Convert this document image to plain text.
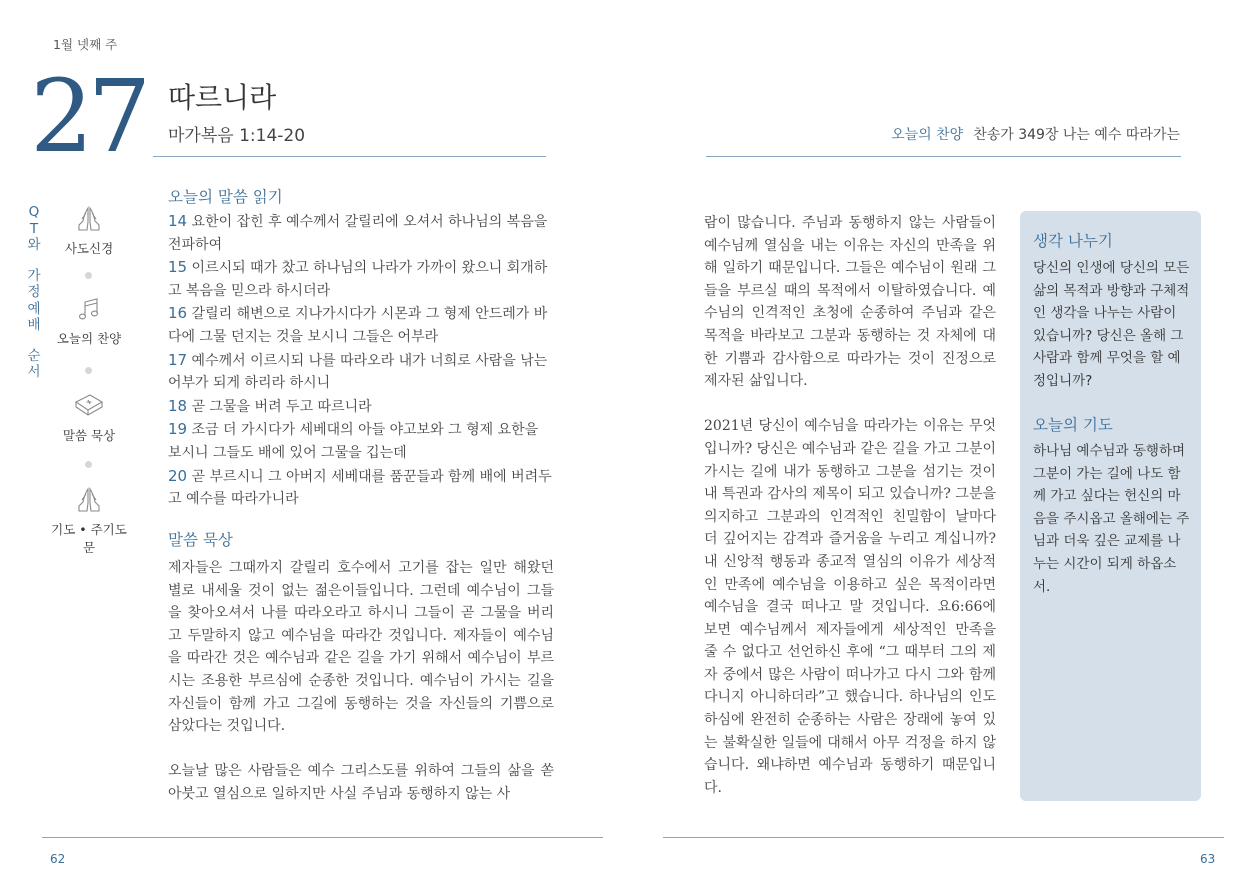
1월 넷째 주
27 따르니라
마가복음 1:14-20	오늘의 찬양 찬송가 349장 나는 예수 따라가는
Q
T
와
가
정
예
배
순
서
사도신경
오늘의 찬양
말씀 묵상
기도 • 주기도문
오늘의 말씀 읽기

14 요한이 잡힌 후 예수께서 갈릴리에 오셔서 하나님의 복음을 전파하여

15 이르시되 때가 찼고 하나님의 나라가 가까이 왔으니 회개하고 복음을 믿으라 하시더라

16 갈릴리 해변으로 지나가시다가 시몬과 그 형제 안드레가 바다에 그물 던지는 것을 보시니 그들은 어부라

17 예수께서 이르시되 나를 따라오라 내가 너희로 사람을 낚는 어부가 되게 하리라 하시니

18 곧 그물을 버려 두고 따르니라

19 조금 더 가시다가 세베대의 아들 야고보와 그 형제 요한을 보시니 그들도 배에 있어 그물을 깁는데

20 곧 부르시니 그 아버지 세베대를 품꾼들과 함께 배에 버려두고 예수를 따라가니라

말씀 묵상

제자들은 그때까지 갈릴리 호수에서 고기를 잡는 일만 해왔던 별로 내세울 것이 없는 젊은이들입니다. 그런데 예수님이 그들을 찾아오셔서 나를 따라오라고 하시니 그들이 곧 그물을 버리고 두말하지 않고 예수님을 따라간 것입니다. 제자들이 예수님을 따라간 것은 예수님과 같은 길을 가기 위해서 예수님이 부르시는 조용한 부르심에 순종한 것입니다. 예수님이 가시는 길을 자신들이 함께 가고 그길에 동행하는 것을 자신들의 기쁨으로 삼았다는 것입니다.

오늘날 많은 사람들은 예수 그리스도를 위하여 그들의 삶을 쏟아붓고 열심으로 일하지만 사실 주님과 동행하지 않는 사

람이 많습니다. 주님과 동행하지 않는 사람들이 예수님께 열심을 내는 이유는 자신의 만족을 위해 일하기 때문입니다. 그들은 예수님이 원래 그들을 부르실 때의 목적에서 이탈하였습니다. 예수님의 인격적인 초청에 순종하여 주님과 같은 목적을 바라보고 그분과 동행하는 것 자체에 대한 기쁨과 감사함으로 따라가는 것이 진정으로 제자된 삶입니다.

2021년 당신이 예수님을 따라가는 이유는 무엇입니까? 당신은 예수님과 같은 길을 가고 그분이 가시는 길에 내가 동행하고 그분을 섬기는 것이 내 특권과 감사의 제목이 되고 있습니까? 그분을 의지하고 그분과의 인격적인 친밀함이 날마다 더 깊어지는 감격과 즐거움을 누리고 계십니까? 내 신앙적 행동과 종교적 열심의 이유가 세상적인 만족에 예수님을 이용하고 싶은 목적이라면 예수님을 결국 떠나고 말 것입니다. 요6:66에 보면 예수님께서 제자들에게 세상적인 만족을 줄 수 없다고 선언하신 후에 “그 때부터 그의 제자 중에서 많은 사람이 떠나가고 다시 그와 함께 다니지 아니하더라”고 했습니다. 하나님의 인도하심에 완전히 순종하는 사람은 장래에 놓여 있는 불확실한 일들에 대해서 아무 걱정을 하지 않습니다. 왜냐하면 예수님과 동행하기 때문입니다.

생각 나누기
당신의 인생에 당신의 모든 삶의 목적과 방향과 구체적인 생각을 나누는 사람이 있습니까? 당신은 올해 그 사람과 함께 무엇을 할 예정입니까?
오늘의 기도
하나님 예수님과 동행하며 그분이 가는 길에 나도 함께 가고 싶다는 헌신의 마음을 주시옵고 올해에는 주님과 더욱 깊은 교제를 나누는 시간이 되게 하옵소서.
62	63
